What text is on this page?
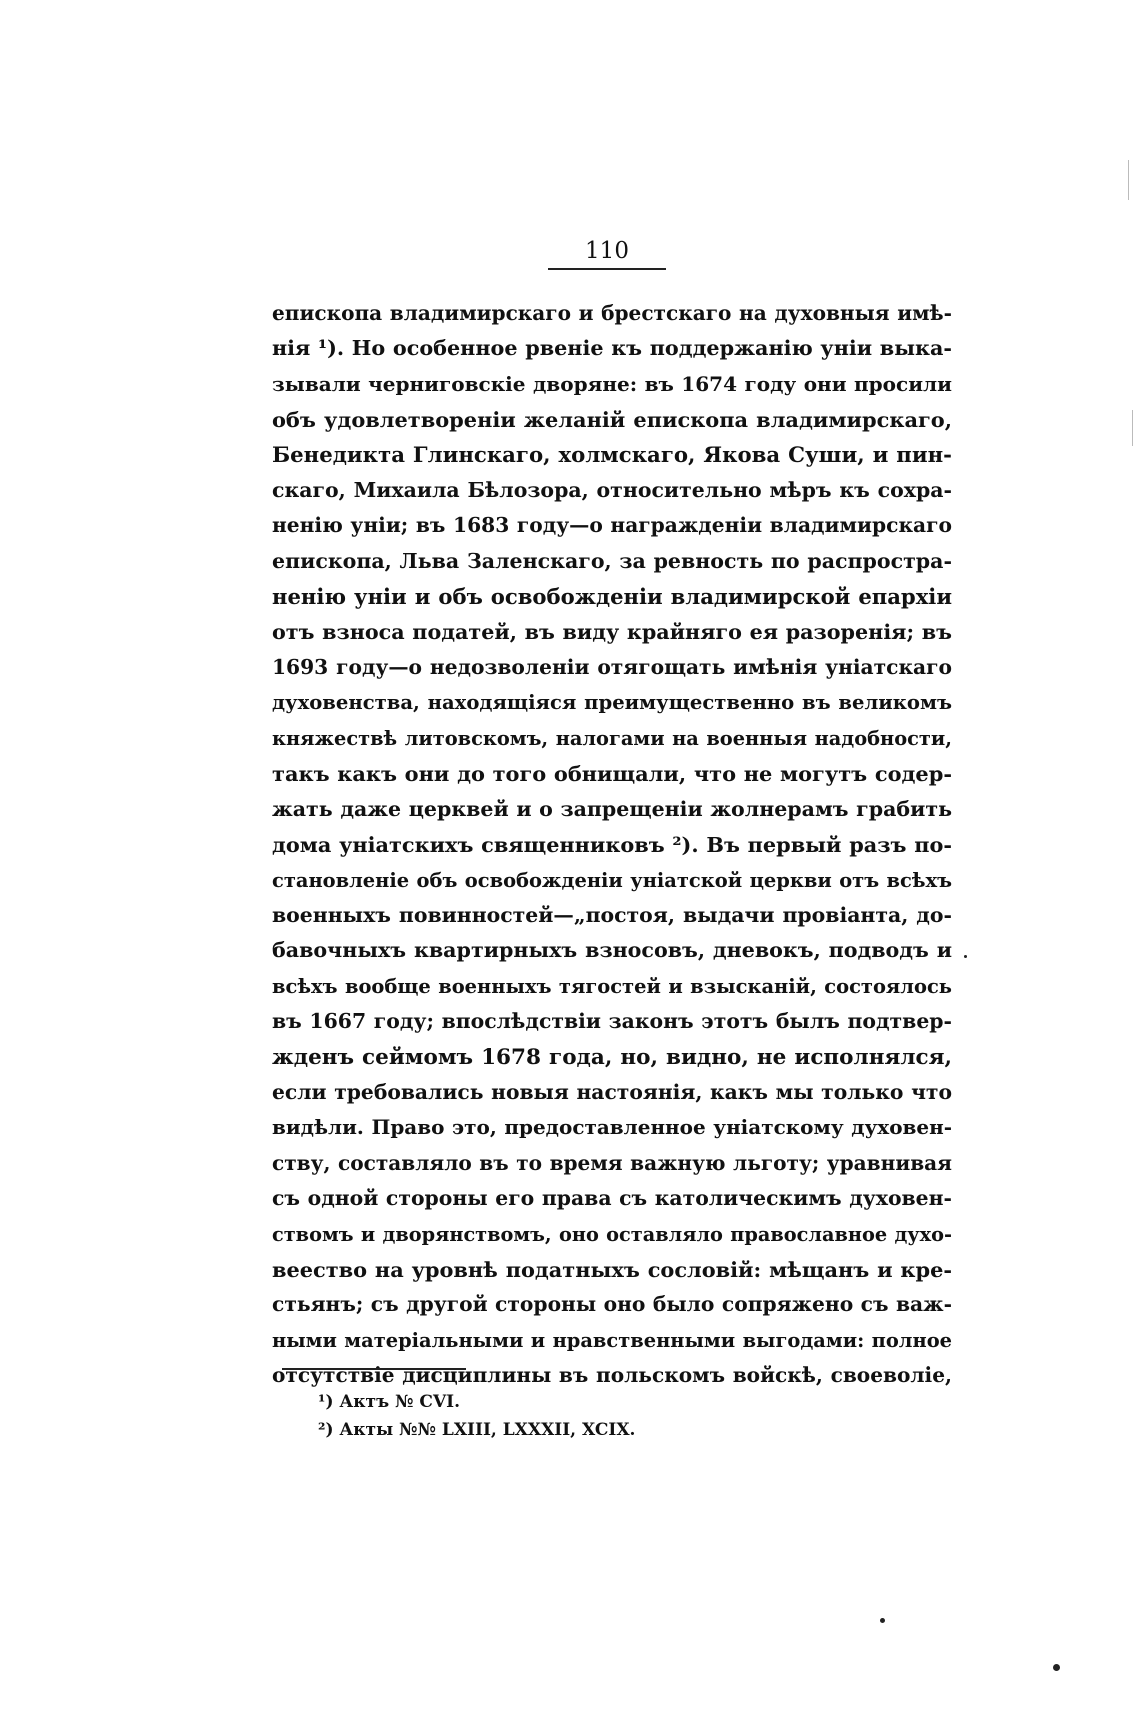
110
епископа владимирскаго и брестскаго на духовныя имѣ-
нія ¹). Но особенное рвеніе къ поддержанію уніи выка-
зывали черниговскіе дворяне: въ 1674 году они просили
объ удовлетвореніи желаній епископа владимирскаго,
Бенедикта Глинскаго, холмскаго, Якова Суши, и пин-
скаго, Михаила Бѣлозора, относительно мѣръ къ сохра-
ненію уніи; въ 1683 году—о награжденіи владимирскаго
епископа, Льва Заленскаго, за ревность по распростра-
ненію уніи и объ освобожденіи владимирской епархіи
отъ взноса податей, въ виду крайняго ея разоренія; въ
1693 году—о недозволеніи отягощать имѣнія уніатскаго
духовенства, находящіяся преимущественно въ великомъ
княжествѣ литовскомъ, налогами на военныя надобности,
такъ какъ они до того обнищали, что не могутъ содер-
жать даже церквей и о запрещеніи жолнерамъ грабить
дома уніатскихъ священниковъ ²). Въ первый разъ по-
становленіе объ освобожденіи уніатской церкви отъ всѣхъ
военныхъ повинностей—„постоя, выдачи провіанта, до-
бавочныхъ квартирныхъ взносовъ, дневокъ, подводъ и
всѣхъ вообще военныхъ тягостей и взысканій, состоялось
въ 1667 году; впослѣдствіи законъ этотъ былъ подтвер-
жденъ сеймомъ 1678 года, но, видно, не исполнялся,
если требовались новыя настоянія, какъ мы только что
видѣли. Право это, предоставленное уніатскому духовен-
ству, составляло въ то время важную льготу; уравнивая
съ одной стороны его права съ католическимъ духовен-
ствомъ и дворянствомъ, оно оставляло православное духо-
веество на уровнѣ податныхъ сословій: мѣщанъ и кре-
стьянъ; съ другой стороны оно было сопряжено съ важ-
ными матеріальными и нравственными выгодами: полное
отсутствіе дисциплины въ польскомъ войскѣ, своеволіе,
¹) Актъ № CVI.
²) Акты №№ LXIII, LXXXII, XCIX.
